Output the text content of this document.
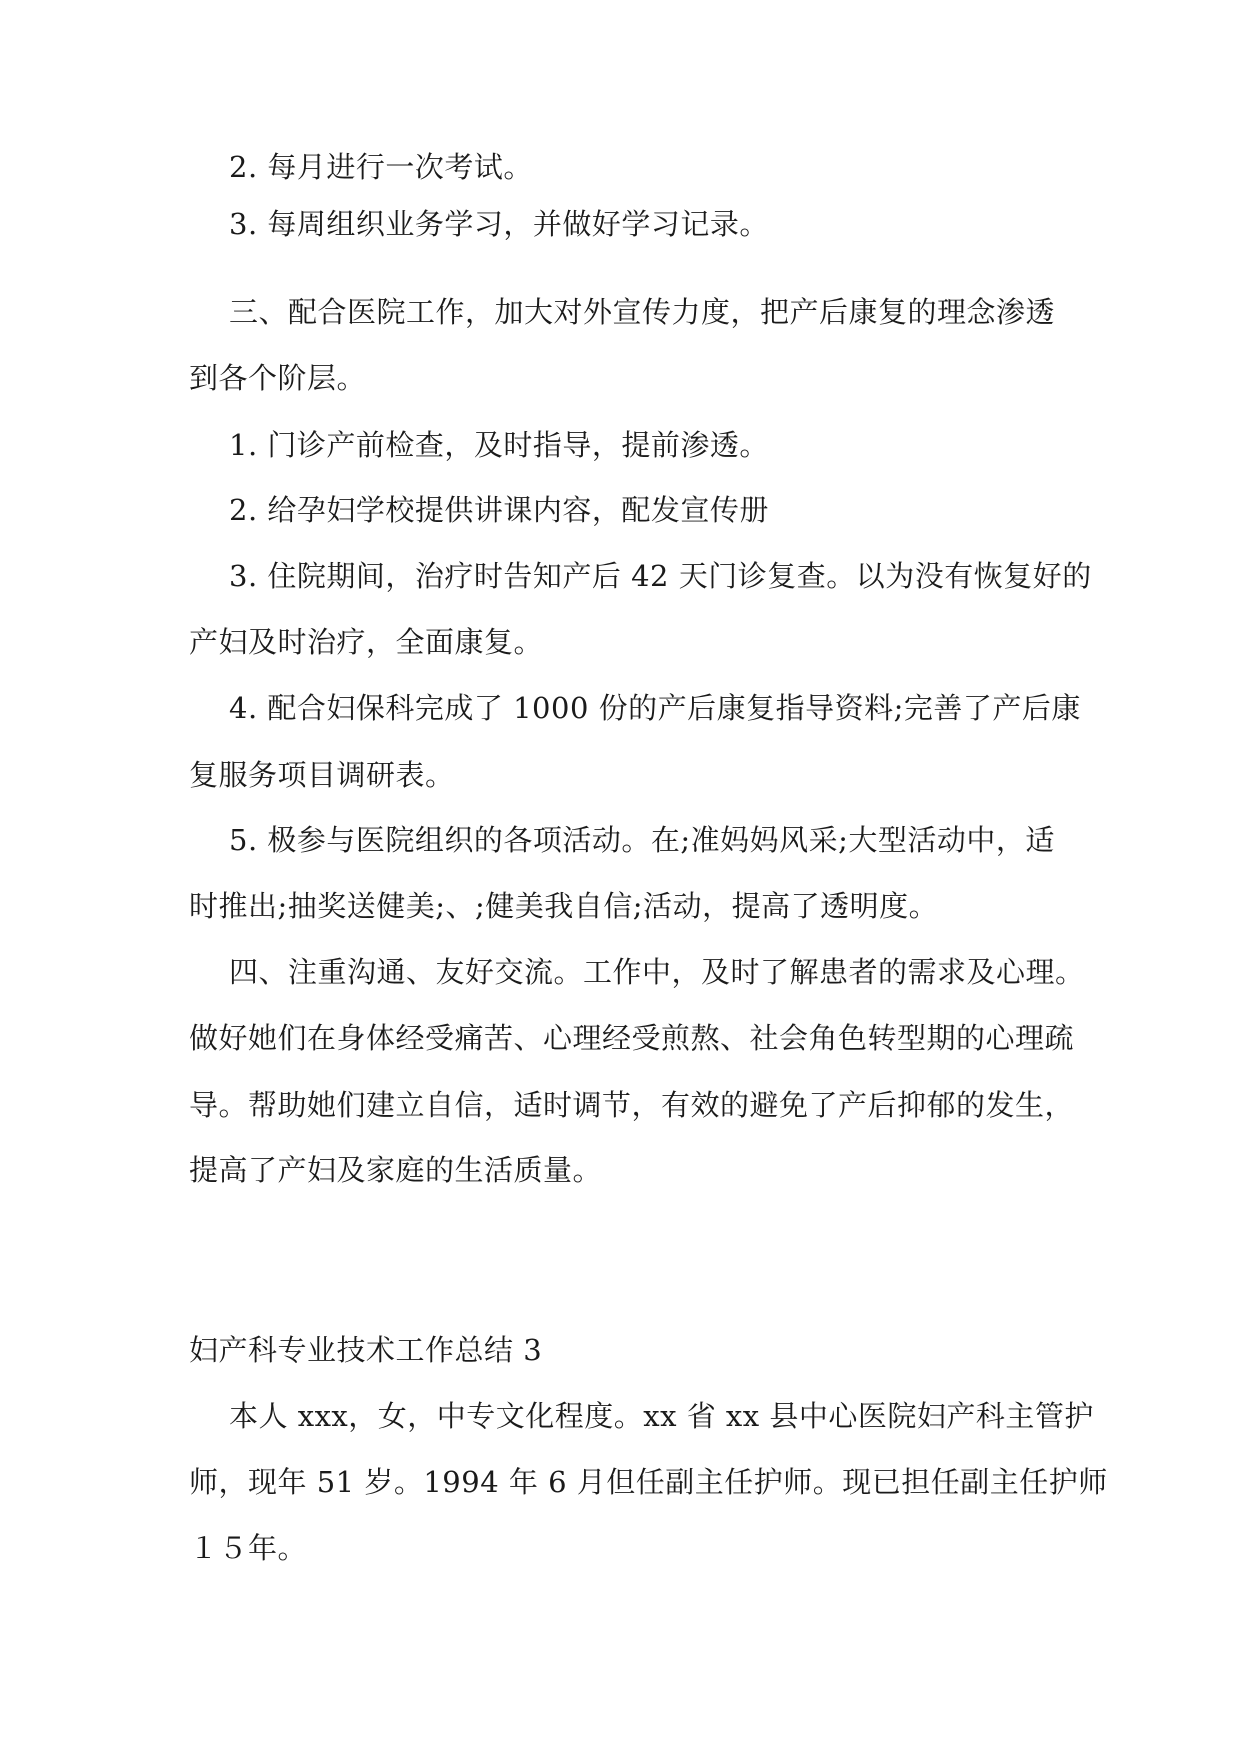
2. 每月进行一次考试。
3. 每周组织业务学习，并做好学习记录。
三、配合医院工作，加大对外宣传力度，把产后康复的理念渗透
到各个阶层。
1. 门诊产前检查，及时指导，提前渗透。
2. 给孕妇学校提供讲课内容，配发宣传册
3. 住院期间，治疗时告知产后 42 天门诊复查。以为没有恢复好的
产妇及时治疗，全面康复。
4. 配合妇保科完成了 1000 份的产后康复指导资料;完善了产后康
复服务项目调研表。
5. 极参与医院组织的各项活动。在;准妈妈风采;大型活动中，适
时推出;抽奖送健美;、;健美我自信;活动，提高了透明度。
四、注重沟通、友好交流。工作中，及时了解患者的需求及心理。
做好她们在身体经受痛苦、心理经受煎熬、社会角色转型期的心理疏
导。帮助她们建立自信，适时调节，有效的避免了产后抑郁的发生，
提高了产妇及家庭的生活质量。
妇产科专业技术工作总结 3
本人 xxx，女，中专文化程度。xx 省 xx 县中心医院妇产科主管护
师，现年 51 岁。1994 年 6 月但任副主任护师。现已担任副主任护师
１５年。
